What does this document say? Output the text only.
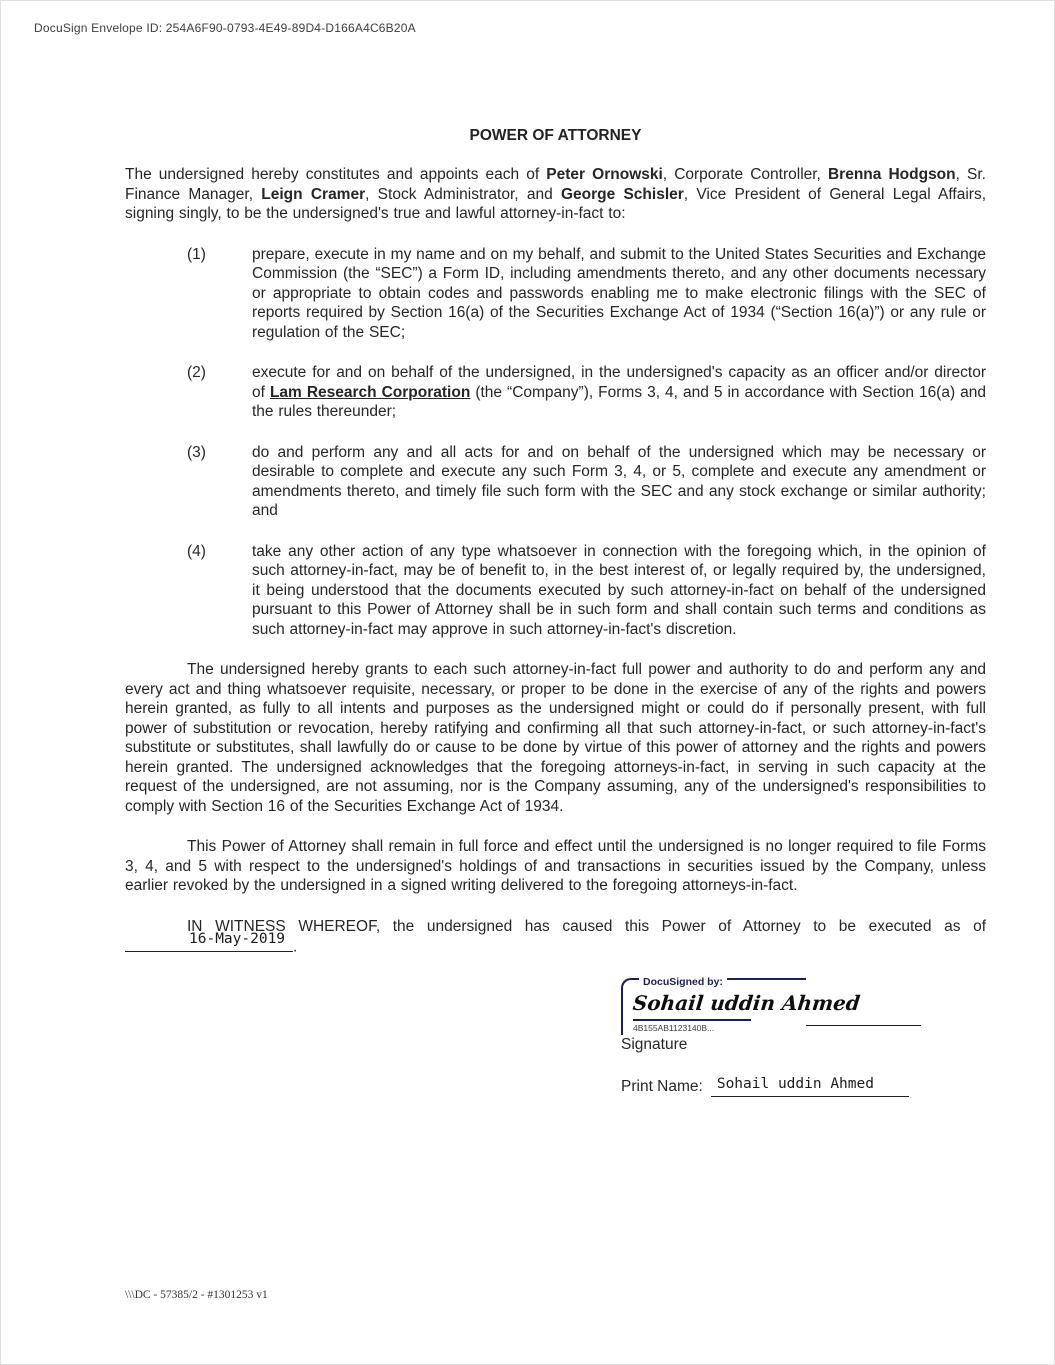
DocuSign Envelope ID: 254A6F90-0793-4E49-89D4-D166A4C6B20A
POWER OF ATTORNEY

The undersigned hereby constitutes and appoints each of Peter Ornowski, Corporate Controller, Brenna Hodgson, Sr. Finance Manager, Leign Cramer, Stock Administrator, and George Schisler, Vice President of General Legal Affairs, signing singly, to be the undersigned's true and lawful attorney-in-fact to:

(1)	prepare, execute in my name and on my behalf, and submit to the United States Securities and Exchange Commission (the “SEC”) a Form ID, including amendments thereto, and any other documents necessary or appropriate to obtain codes and passwords enabling me to make electronic filings with the SEC of reports required by Section 16(a) of the Securities Exchange Act of 1934 (“Section 16(a)”) or any rule or regulation of the SEC;
(2)	execute for and on behalf of the undersigned, in the undersigned's capacity as an officer and/or director of Lam Research Corporation (the “Company”), Forms 3, 4, and 5 in accordance with Section 16(a) and the rules thereunder;
(3)	do and perform any and all acts for and on behalf of the undersigned which may be necessary or desirable to complete and execute any such Form 3, 4, or 5, complete and execute any amendment or amendments thereto, and timely file such form with the SEC and any stock exchange or similar authority; and
(4)	take any other action of any type whatsoever in connection with the foregoing which, in the opinion of such attorney-in-fact, may be of benefit to, in the best interest of, or legally required by, the undersigned, it being understood that the documents executed by such attorney-in-fact on behalf of the undersigned pursuant to this Power of Attorney shall be in such form and shall contain such terms and conditions as such attorney-in-fact may approve in such attorney-in-fact's discretion.

The undersigned hereby grants to each such attorney-in-fact full power and authority to do and perform any and every act and thing whatsoever requisite, necessary, or proper to be done in the exercise of any of the rights and powers herein granted, as fully to all intents and purposes as the undersigned might or could do if personally present, with full power of substitution or revocation, hereby ratifying and confirming all that such attorney-in-fact, or such attorney-in-fact's substitute or substitutes, shall lawfully do or cause to be done by virtue of this power of attorney and the rights and powers herein granted. The undersigned acknowledges that the foregoing attorneys-in-fact, in serving in such capacity at the request of the undersigned, are not assuming, nor is the Company assuming, any of the undersigned's responsibilities to comply with Section 16 of the Securities Exchange Act of 1934.

This Power of Attorney shall remain in full force and effect until the undersigned is no longer required to file Forms 3, 4, and 5 with respect to the undersigned's holdings of and transactions in securities issued by the Company, unless earlier revoked by the undersigned in a signed writing delivered to the foregoing attorneys-in-fact.

IN WITNESS WHEREOF, the undersigned has caused this Power of Attorney to be executed as of
16-May-2019 .

DocuSigned by:
Sohail uddin Ahmed
4B155AB1123140B...
Signature
Print Name: Sohail uddin Ahmed
\\\DC - 57385/2 - #1301253 v1
